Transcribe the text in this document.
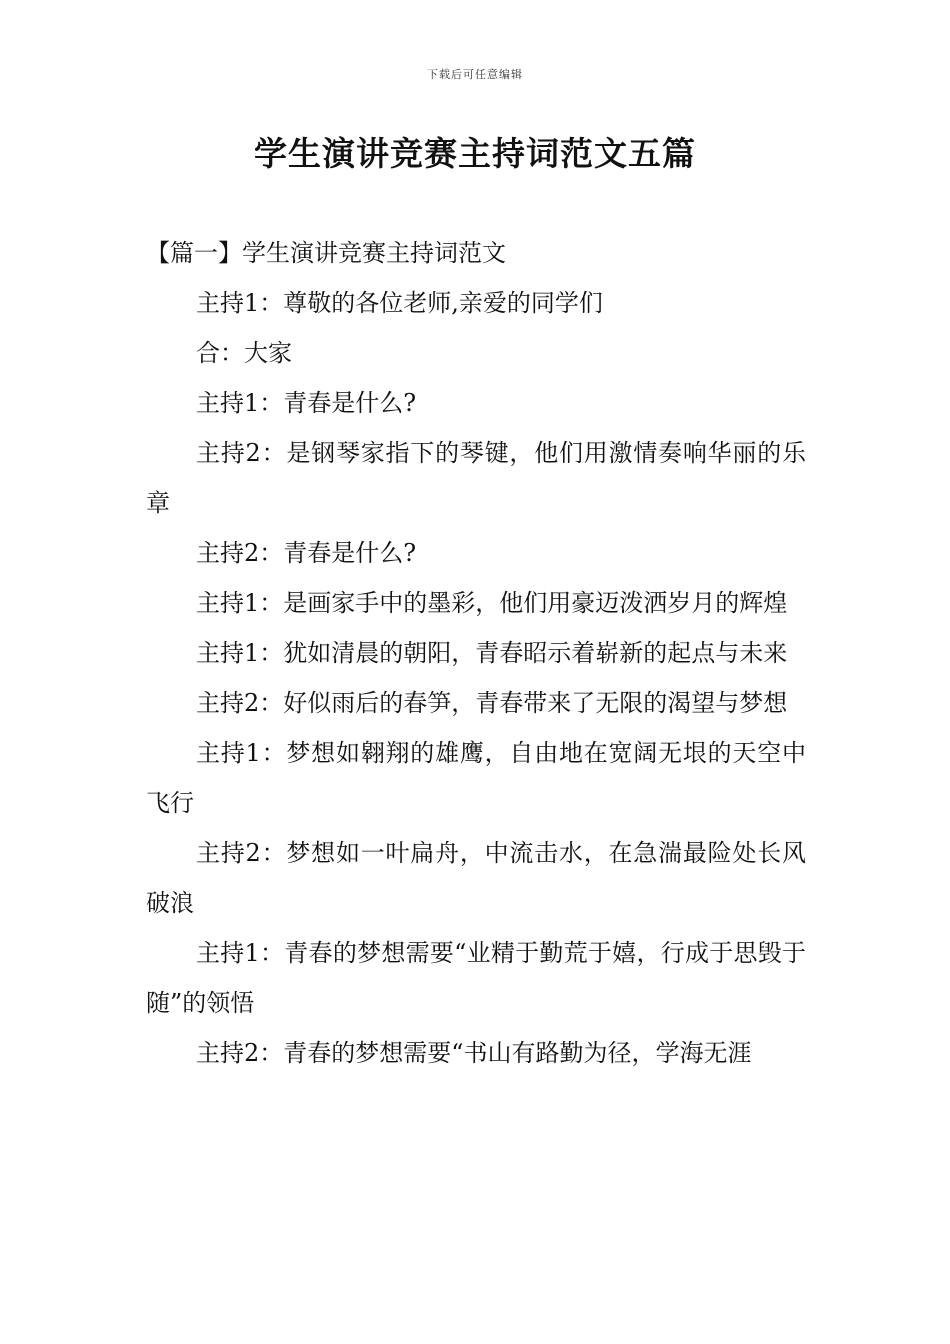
下载后可任意编辑
学生演讲竞赛主持词范文五篇

【篇一】学生演讲竞赛主持词范文

主持1：尊敬的各位老师,亲爱的同学们

合：大家

主持1：青春是什么?

主持2：是钢琴家指下的琴键，他们用激情奏响华丽的乐章

主持2：青春是什么?

主持1：是画家手中的墨彩，他们用豪迈泼洒岁月的辉煌

主持1：犹如清晨的朝阳，青春昭示着崭新的起点与未来

主持2：好似雨后的春笋，青春带来了无限的渴望与梦想

主持1：梦想如翱翔的雄鹰，自由地在宽阔无垠的天空中飞行

主持2：梦想如一叶扁舟，中流击水，在急湍最险处长风破浪

主持1：青春的梦想需要“业精于勤荒于嬉，行成于思毁于随”的领悟

主持2：青春的梦想需要“书山有路勤为径，学海无涯
